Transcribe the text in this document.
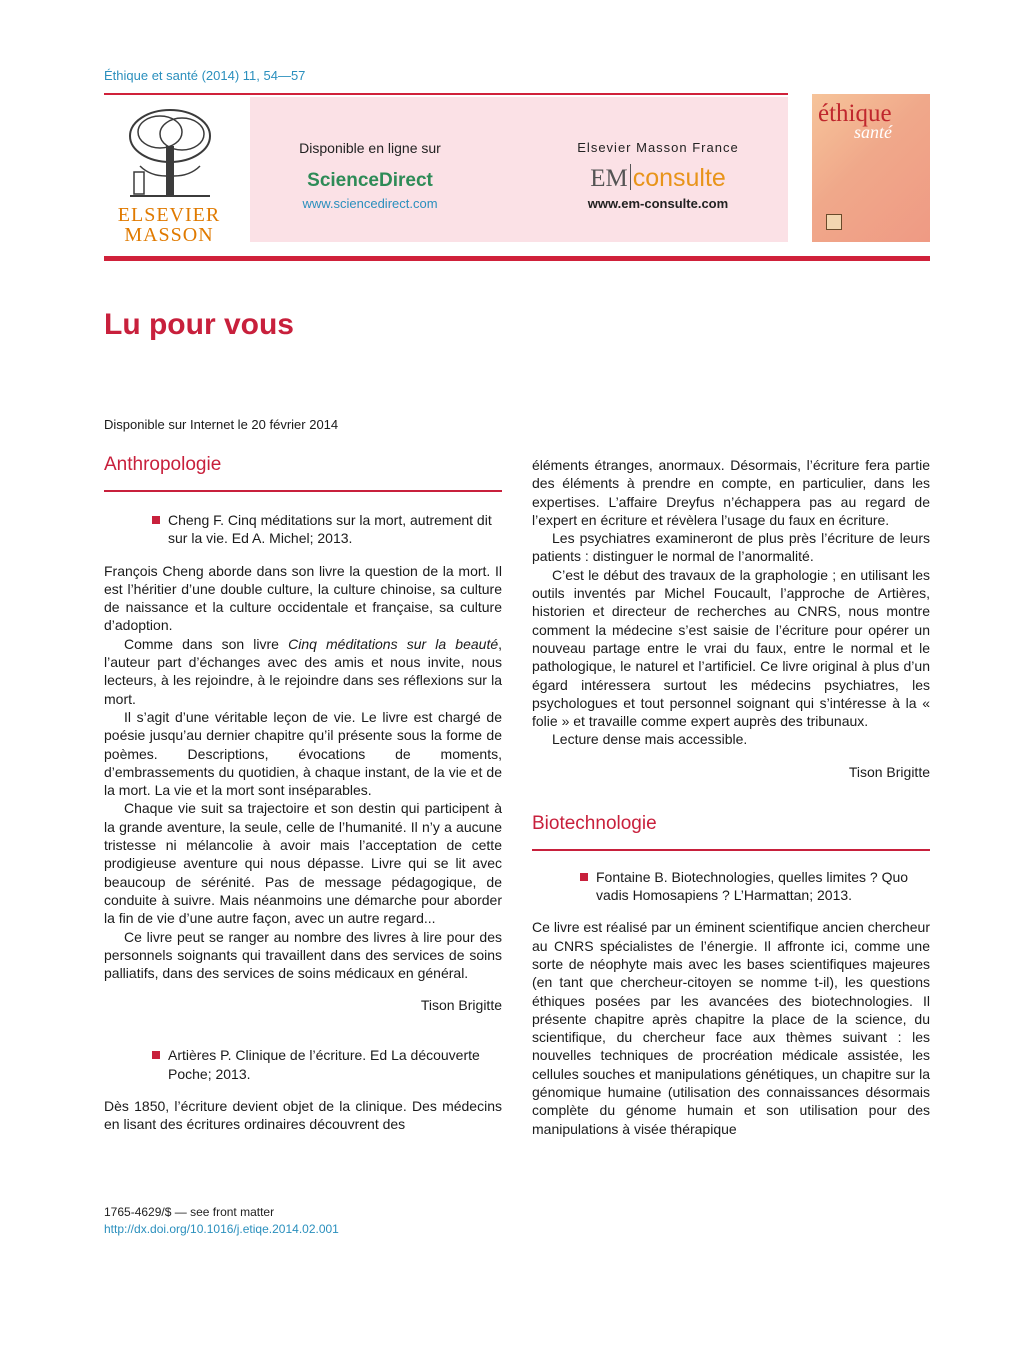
Éthique et santé (2014) 11, 54—57
ELSEVIER
MASSON
Disponible en ligne sur
ScienceDirect
www.sciencedirect.com
Elsevier Masson France
EM consulte
www.em-consulte.com
éthique
santé
Lu pour vous
Disponible sur Internet le 20 février 2014
Anthropologie
Cheng F. Cinq méditations sur la mort, autrement dit sur la vie. Ed A. Michel; 2013.

François Cheng aborde dans son livre la question de la mort. Il est l’héritier d’une double culture, la culture chinoise, sa culture de naissance et la culture occidentale et française, sa culture d’adoption.

Comme dans son livre Cinq méditations sur la beauté, l’auteur part d’échanges avec des amis et nous invite, nous lecteurs, à les rejoindre, à le rejoindre dans ses réflexions sur la mort.

Il s’agit d’une véritable leçon de vie. Le livre est chargé de poésie jusqu’au dernier chapitre qu’il présente sous la forme de poèmes. Descriptions, évocations de moments, d’embrassements du quotidien, à chaque instant, de la vie et de la mort. La vie et la mort sont inséparables.

Chaque vie suit sa trajectoire et son destin qui participent à la grande aventure, la seule, celle de l’humanité. Il n’y a aucune tristesse ni mélancolie à avoir mais l’acceptation de cette prodigieuse aventure qui nous dépasse. Livre qui se lit avec beaucoup de sérénité. Pas de message pédagogique, de conduite à suivre. Mais néanmoins une démarche pour aborder la fin de vie d’une autre façon, avec un autre regard...

Ce livre peut se ranger au nombre des livres à lire pour des personnels soignants qui travaillent dans des services de soins palliatifs, dans des services de soins médicaux en général.

Tison Brigitte
Artières P. Clinique de l’écriture. Ed La découverte Poche; 2013.

Dès 1850, l’écriture devient objet de la clinique. Des médecins en lisant des écritures ordinaires découvrent des

éléments étranges, anormaux. Désormais, l’écriture fera partie des éléments à prendre en compte, en particulier, dans les expertises. L’affaire Dreyfus n’échappera pas au regard de l’expert en écriture et révèlera l’usage du faux en écriture.

Les psychiatres examineront de plus près l’écriture de leurs patients : distinguer le normal de l’anormalité.

C’est le début des travaux de la graphologie ; en utilisant les outils inventés par Michel Foucault, l’approche de Artières, historien et directeur de recherches au CNRS, nous montre comment la médecine s’est saisie de l’écriture pour opérer un nouveau partage entre le vrai du faux, entre le normal et le pathologique, le naturel et l’artificiel. Ce livre original à plus d’un égard intéressera surtout les médecins psychiatres, les psychologues et tout personnel soignant qui s’intéresse à la « folie » et travaille comme expert auprès des tribunaux.

Lecture dense mais accessible.

Tison Brigitte
Biotechnologie
Fontaine B. Biotechnologies, quelles limites ? Quo vadis Homosapiens ? L’Harmattan; 2013.

Ce livre est réalisé par un éminent scientifique ancien chercheur au CNRS spécialistes de l’énergie. Il affronte ici, comme une sorte de néophyte mais avec les bases scientifiques majeures (en tant que chercheur-citoyen se nomme t-il), les questions éthiques posées par les avancées des biotechnologies. Il présente chapitre après chapitre la place de la science, du scientifique, du chercheur face aux thèmes suivant : les nouvelles techniques de procréation médicale assistée, les cellules souches et manipulations génétiques, un chapitre sur la génomique humaine (utilisation des connaissances désormais complète du génome humain et son utilisation pour des manipulations à visée thérapique

1765-4629/$ — see front matter
http://dx.doi.org/10.1016/j.etiqe.2014.02.001
